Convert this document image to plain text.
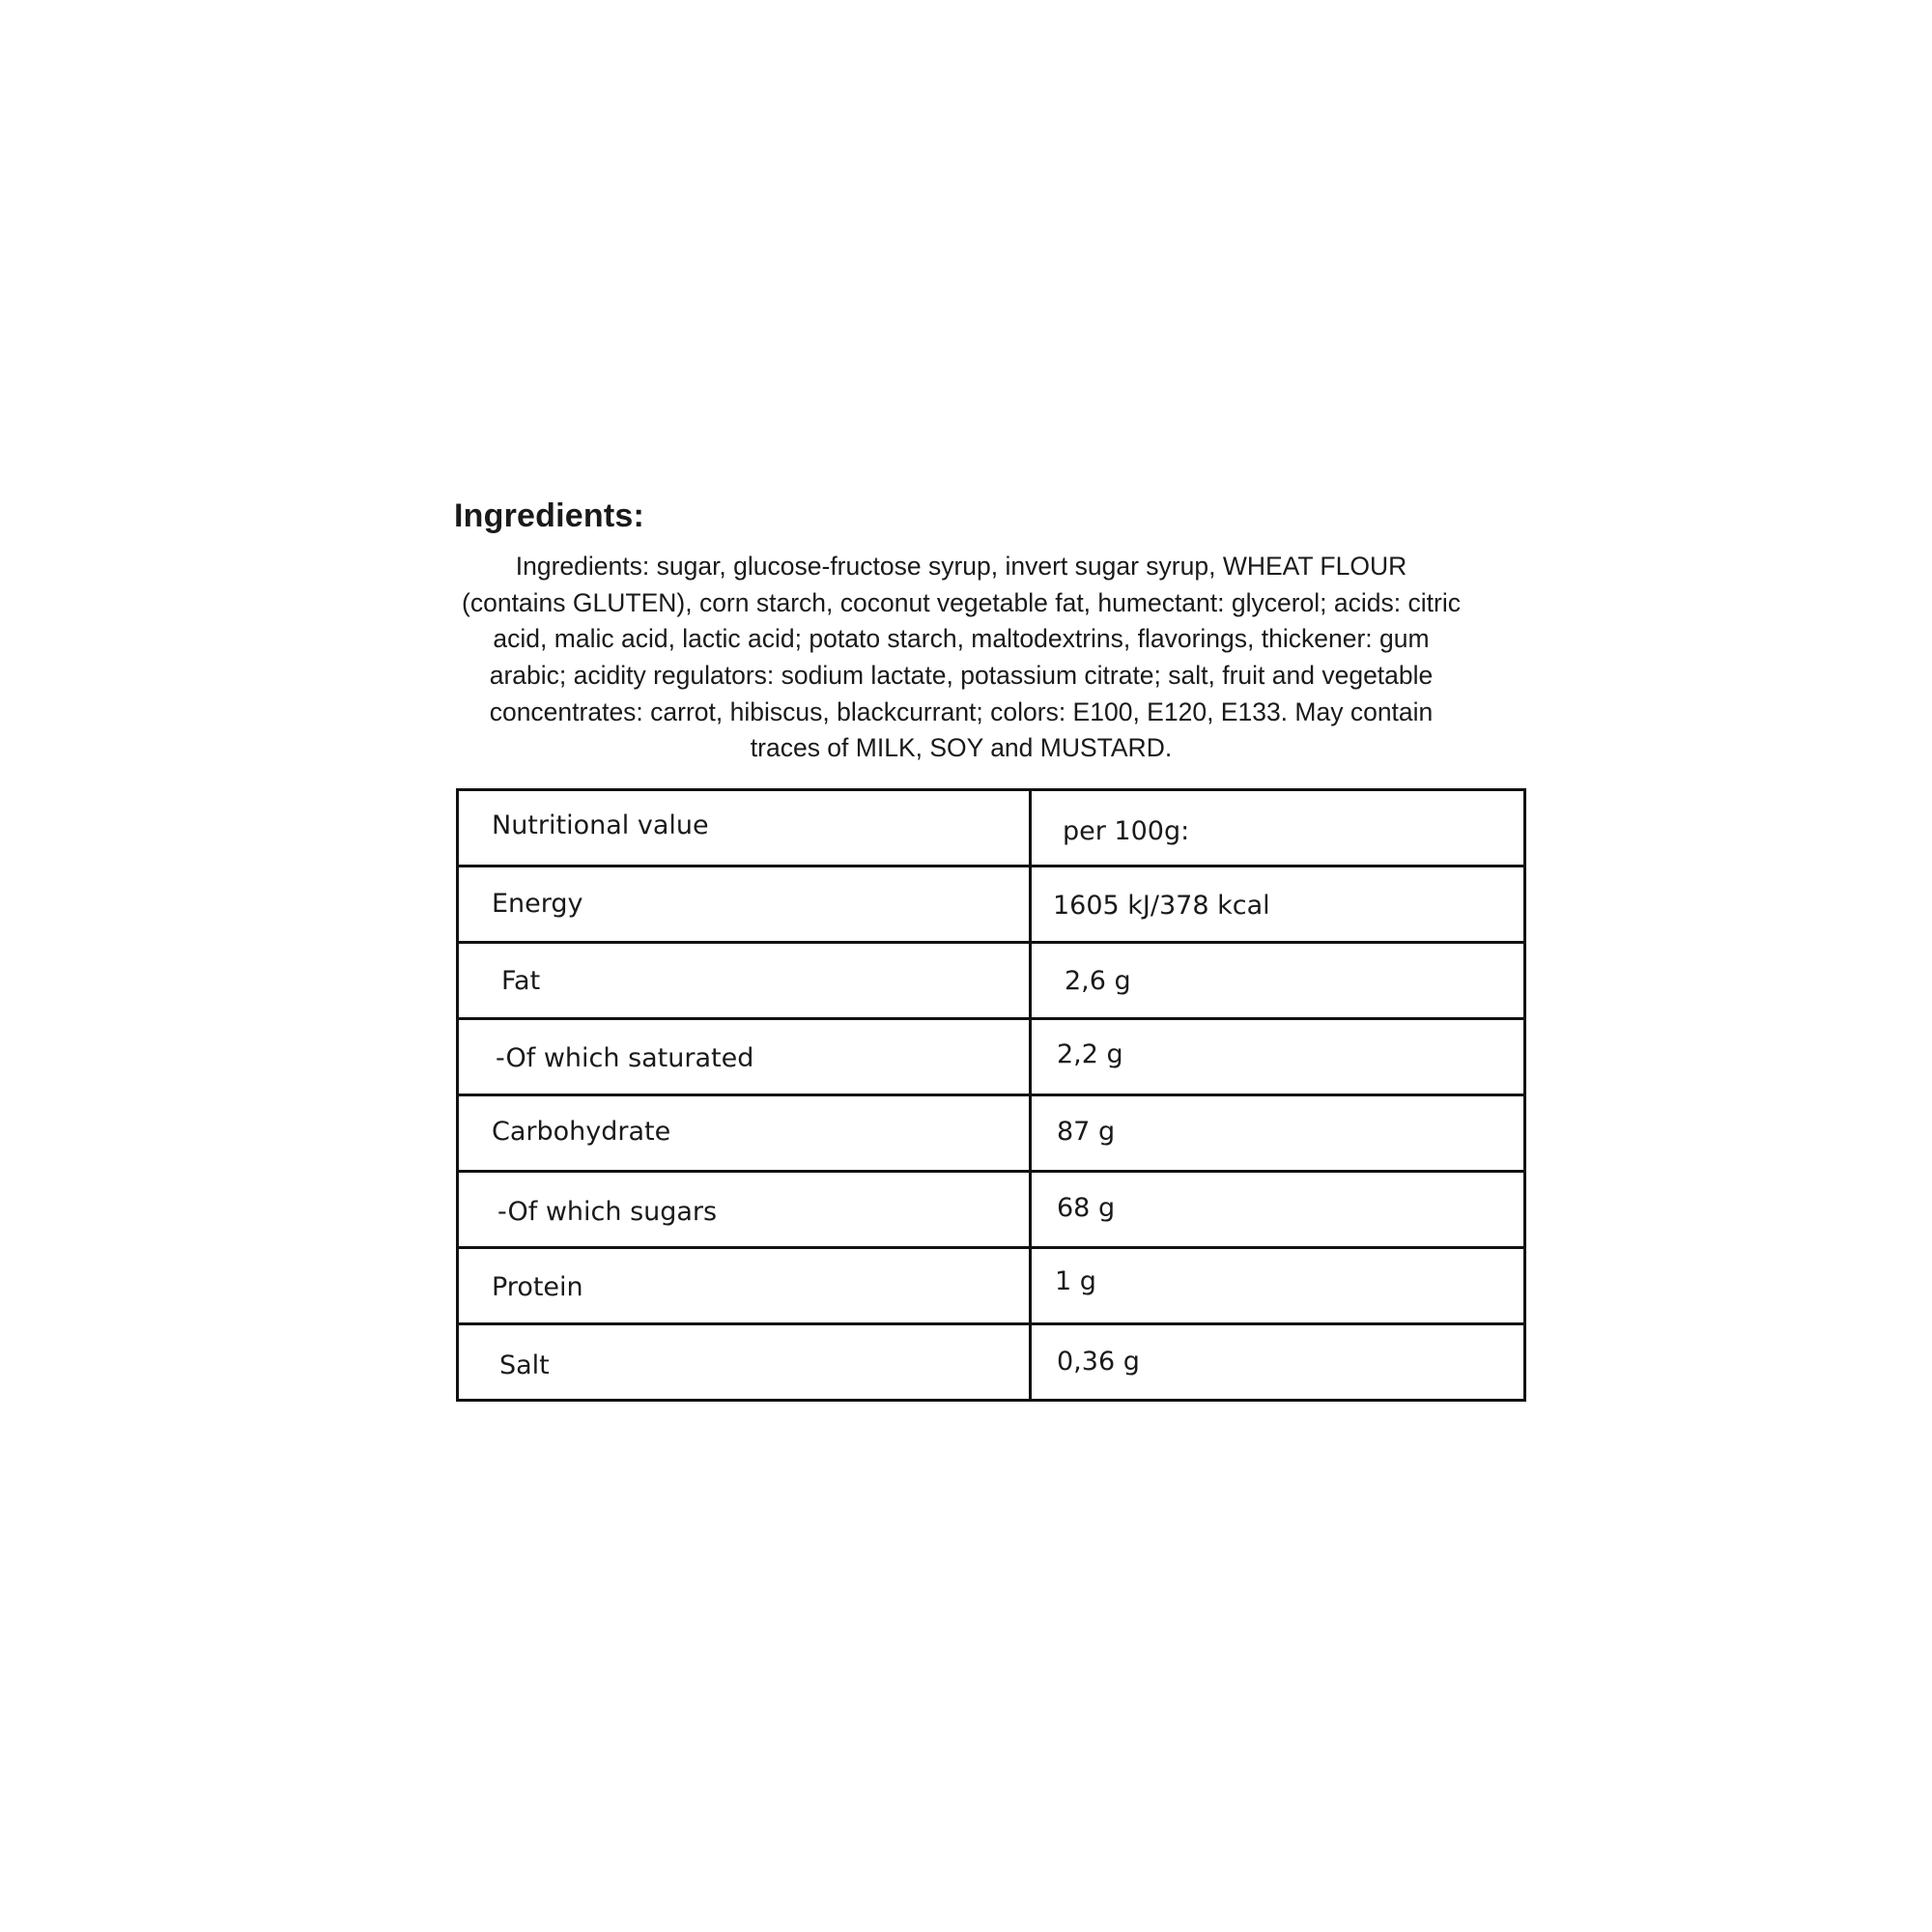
Ingredients:

Ingredients: sugar, glucose-fructose syrup, invert sugar syrup, WHEAT FLOUR (contains GLUTEN), corn starch, coconut vegetable fat, humectant: glycerol; acids: citric acid, malic acid, lactic acid; potato starch, maltodextrins, flavorings, thickener: gum arabic; acidity regulators: sodium lactate, potassium citrate; salt, fruit and vegetable concentrates: carrot, hibiscus, blackcurrant; colors: E100, E120, E133. May contain traces of MILK, SOY and MUSTARD.

Nutritional value	per 100g:
Energy	1605 kJ/378 kcal
Fat	2,6 g
-Of which saturated	2,2 g
Carbohydrate	87 g
-Of which sugars	68 g
Protein	1 g
Salt	0,36 g
